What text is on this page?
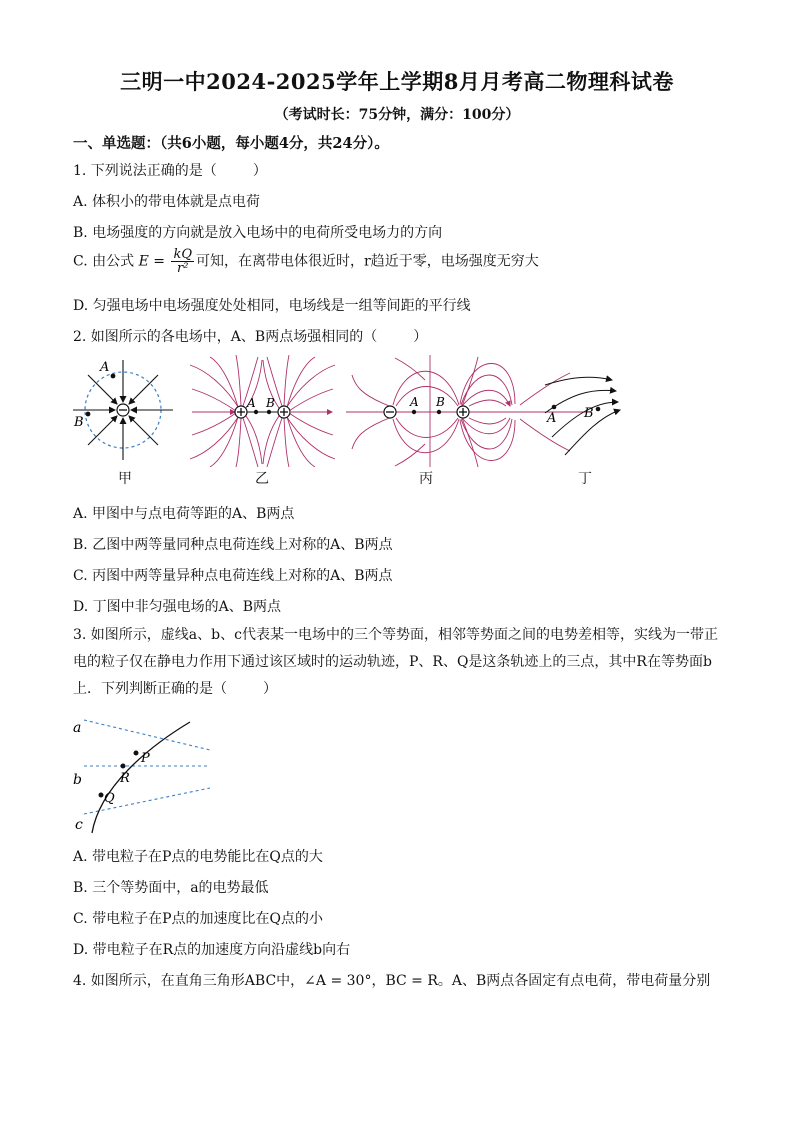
三明一中2024-2025学年上学期8月月考高二物理科试卷
（考试时长：75分钟，满分：100分）
一、单选题：（共6小题，每小题4分，共24分）。
1. 下列说法正确的是（	）
A. 体积小的带电体就是点电荷
B. 电场强度的方向就是放入电场中的电荷所受电场力的方向
C. 由公式 $E = \frac{kQ}{\text{r²}}$ 可知，在离带电体很近时，r趋近于零，电场强度无穷大
D. 匀强电场中电场强度处处相同，电场线是一组等间距的平行线
2. 如图所示的各电场中，A、B两点场强相同的（	）
A
B
A B	A B
A B
甲	乙	丙	丁
A. 甲图中与点电荷等距的A、B两点
B. 乙图中两等量同种点电荷连线上对称的A、B两点
C. 丙图中两等量异种点电荷连线上对称的A、B两点
D. 丁图中非匀强电场的A、B两点
3. 如图所示，虚线a、b、c代表某一电场中的三个等势面，相邻等势面之间的电势差相等，实线为一带正电的粒子仅在静电力作用下通过该区域时的运动轨迹，P、R、Q是这条轨迹上的三点，其中R在等势面b上．下列判断正确的是（	）
a
b
c
P
R
Q
A. 带电粒子在P点的电势能比在Q点的大
B. 三个等势面中，a的电势最低
C. 带电粒子在P点的加速度比在Q点的小
D. 带电粒子在R点的加速度方向沿虚线b向右
4. 如图所示，在直角三角形ABC中，∠A = 30°，BC = R。A、B两点各固定有点电荷，带电荷量分别
